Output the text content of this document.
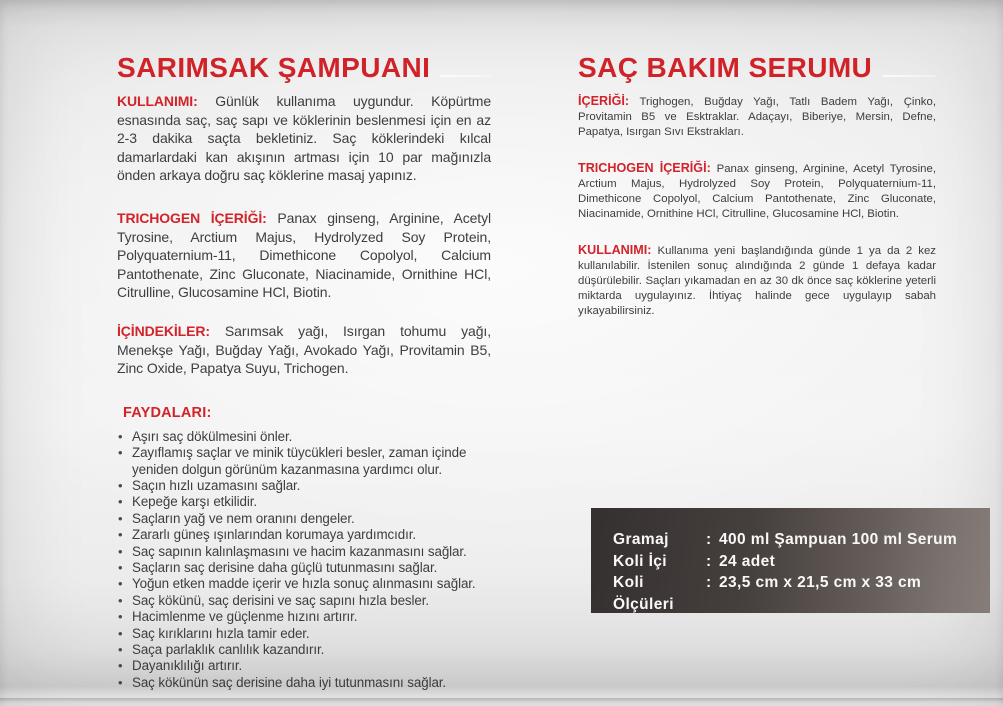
SARIMSAK ŞAMPUANI

KULLANIMI: Günlük kullanıma uygundur. Köpürtme esnasında saç, saç sapı ve köklerinin beslenmesi için en az 2-3 dakika saçta bekletiniz. Saç köklerindeki kılcal damarlardaki kan akışının artması için 10 par mağınızla önden arkaya doğru saç köklerine masaj yapınız.

TRICHOGEN İÇERİĞİ: Panax ginseng, Arginine, Acetyl Tyrosine, Arctium Majus, Hydrolyzed Soy Protein, Polyquaternium-11, Dimethicone Copolyol, Calcium Pantothenate, Zinc Gluconate, Niacinamide, Ornithine HCl, Citrulline, Glucosamine HCl, Biotin.

İÇİNDEKİLER: Sarımsak yağı, Isırgan tohumu yağı, Menekşe Yağı, Buğday Yağı, Avokado Yağı, Provitamin B5, Zinc Oxide, Papatya Suyu, Trichogen.

FAYDALARI:
• Aşırı saç dökülmesini önler.
• Zayıflamış saçlar ve minik tüycükleri besler, zaman içinde yeniden dolgun görünüm kazanmasına yardımcı olur.
• Saçın hızlı uzamasını sağlar.
• Kepeğe karşı etkilidir.
• Saçların yağ ve nem oranını dengeler.
• Zararlı güneş ışınlarından korumaya yardımcıdır.
• Saç sapının kalınlaşmasını ve hacim kazanmasını sağlar.
• Saçların saç derisine daha güçlü tutunmasını sağlar.
• Yoğun etken madde içerir ve hızla sonuç alınmasını sağlar.
• Saç kökünü, saç derisini ve saç sapını hızla besler.
• Hacimlenme ve güçlenme hızını artırır.
• Saç kırıklarını hızla tamir eder.
• Saça parlaklık canlılık kazandırır.
• Dayanıklılığı artırır.
• Saç kökünün saç derisine daha iyi tutunmasını sağlar.
SAÇ BAKIM SERUMU

İÇERİĞİ: Trighogen, Buğday Yağı, Tatlı Badem Yağı, Çinko, Provitamin B5 ve Esktraklar. Adaçayı, Biberiye, Mersin, Defne, Papatya, Isırgan Sıvı Ekstrakları.

TRICHOGEN İÇERİĞİ: Panax ginseng, Arginine, Acetyl Tyrosine, Arctium Majus, Hydrolyzed Soy Protein, Polyquaternium-11, Dimethicone Copolyol, Calcium Pantothenate, Zinc Gluconate, Niacinamide, Ornithine HCl, Citrulline, Glucosamine HCl, Biotin.

KULLANIMI: Kullanıma yeni başlandığında günde 1 ya da 2 kez kullanılabilir. İstenilen sonuç alındığında 2 günde 1 defaya kadar düşürülebilir. Saçları yıkamadan en az 30 dk önce saç köklerine yeterli miktarda uygulayınız. İhtiyaç halinde gece uygulayıp sabah yıkayabilirsiniz.

Gramaj	: 400 ml Şampuan 100 ml Serum
Koli İçi	: 24 adet
Koli Ölçüleri
: 23,5 cm x 21,5 cm x 33 cm
